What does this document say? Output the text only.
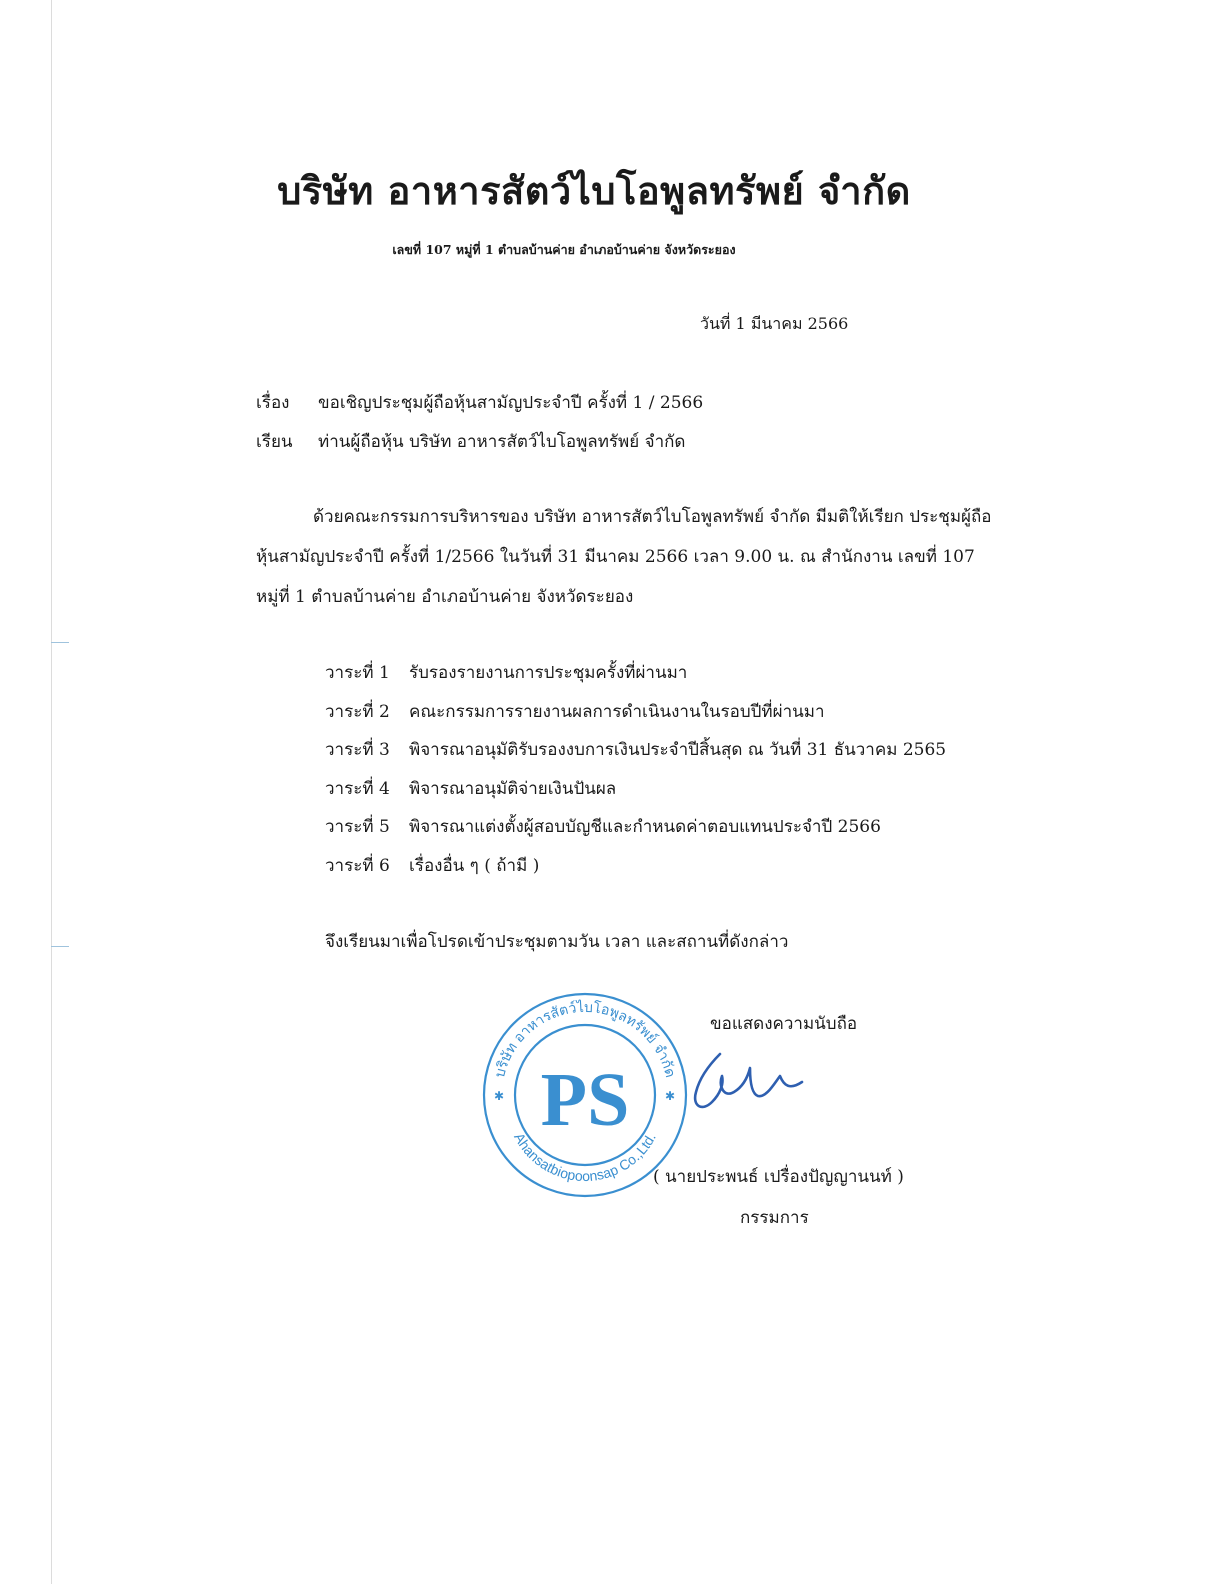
บริษัท อาหารสัตว์ไบโอพูลทรัพย์ จำกัด
เลขที่ 107 หมู่ที่ 1 ตำบลบ้านค่าย อำเภอบ้านค่าย จังหวัดระยอง
วันที่ 1 มีนาคม 2566
เรื่อง ขอเชิญประชุมผู้ถือหุ้นสามัญประจำปี ครั้งที่ 1 / 2566
เรียน ท่านผู้ถือหุ้น บริษัท อาหารสัตว์ไบโอพูลทรัพย์ จำกัด
ด้วยคณะกรรมการบริหารของ บริษัท อาหารสัตว์ไบโอพูลทรัพย์ จำกัด มีมติให้เรียก ประชุมผู้ถือหุ้นสามัญประจำปี ครั้งที่ 1/2566 ในวันที่ 31 มีนาคม 2566 เวลา 9.00 น. ณ สำนักงาน เลขที่ 107 หมู่ที่ 1 ตำบลบ้านค่าย อำเภอบ้านค่าย จังหวัดระยอง
วาระที่ 1 รับรองรายงานการประชุมครั้งที่ผ่านมา
วาระที่ 2 คณะกรรมการรายงานผลการดำเนินงานในรอบปีที่ผ่านมา
วาระที่ 3 พิจารณาอนุมัติรับรองงบการเงินประจำปีสิ้นสุด ณ วันที่ 31 ธันวาคม 2565
วาระที่ 4 พิจารณาอนุมัติจ่ายเงินปันผล
วาระที่ 5 พิจารณาแต่งตั้งผู้สอบบัญชีและกำหนดค่าตอบแทนประจำปี 2566
วาระที่ 6 เรื่องอื่น ๆ ( ถ้ามี )
จึงเรียนมาเพื่อโปรดเข้าประชุมตามวัน เวลา และสถานที่ดังกล่าว
บริษัท อาหารสัตว์ไบโอพูลทรัพย์ จำกัด
Ahansatbiopoonsap Co.,Ltd.
✱	✱
PS
ขอแสดงความนับถือ
( นายประพนธ์ เปรื่องปัญญานนท์ )
กรรมการ
